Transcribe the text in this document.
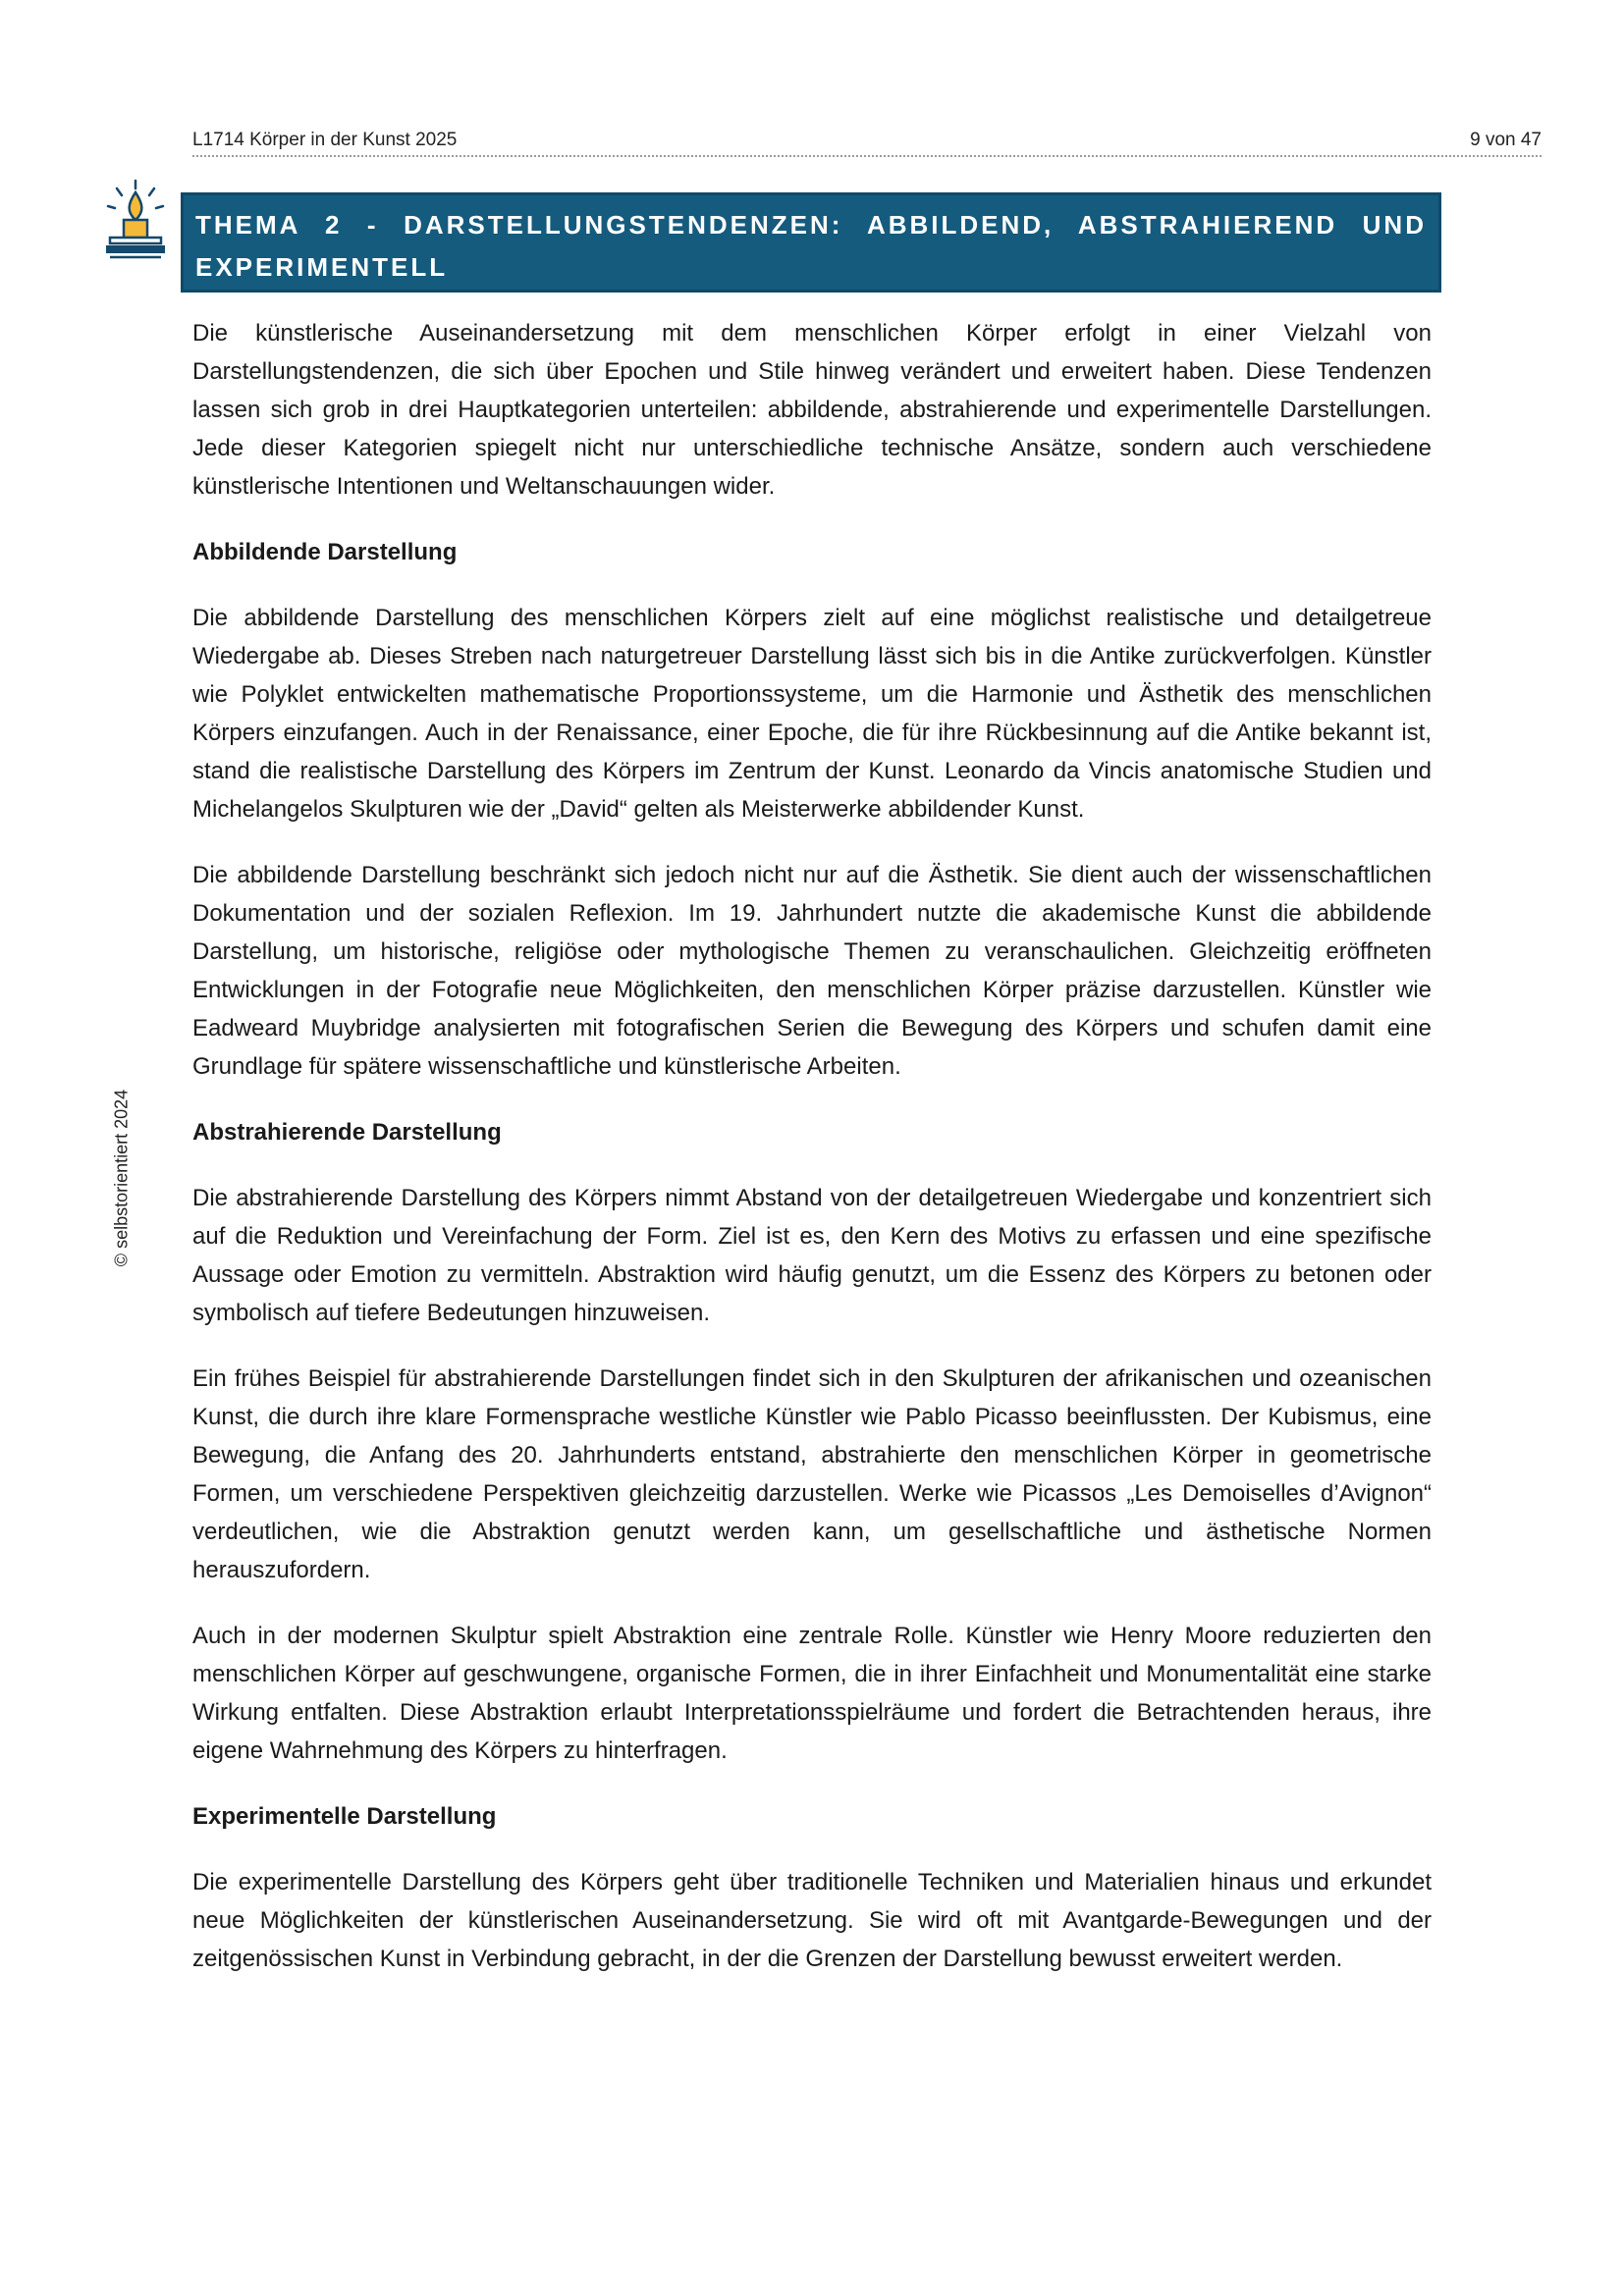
L1714 Körper in der Kunst 2025	9 von 47
THEMA 2 - DARSTELLUNGSTENDENZEN: ABBILDEND, ABSTRAHIEREND UND EXPERIMENTELL
© selbstorientiert 2024

Die künstlerische Auseinandersetzung mit dem menschlichen Körper erfolgt in einer Vielzahl von Darstellungstendenzen, die sich über Epochen und Stile hinweg verändert und erweitert haben. Diese Tendenzen lassen sich grob in drei Hauptkategorien unterteilen: abbildende, abstrahierende und experimentelle Darstellungen. Jede dieser Kategorien spiegelt nicht nur unterschiedliche technische Ansätze, sondern auch verschiedene künstlerische Intentionen und Weltanschauungen wider.

Abbildende Darstellung

Die abbildende Darstellung des menschlichen Körpers zielt auf eine möglichst realistische und detailgetreue Wiedergabe ab. Dieses Streben nach naturgetreuer Darstellung lässt sich bis in die Antike zurückverfolgen. Künstler wie Polyklet entwickelten mathematische Proportionssysteme, um die Harmonie und Ästhetik des menschlichen Körpers einzufangen. Auch in der Renaissance, einer Epoche, die für ihre Rückbesinnung auf die Antike bekannt ist, stand die realistische Darstellung des Körpers im Zentrum der Kunst. Leonardo da Vincis anatomische Studien und Michelangelos Skulpturen wie der „David“ gelten als Meisterwerke abbildender Kunst.

Die abbildende Darstellung beschränkt sich jedoch nicht nur auf die Ästhetik. Sie dient auch der wissenschaftlichen Dokumentation und der sozialen Reflexion. Im 19. Jahrhundert nutzte die akademische Kunst die abbildende Darstellung, um historische, religiöse oder mythologische Themen zu veranschaulichen. Gleichzeitig eröffneten Entwicklungen in der Fotografie neue Möglichkeiten, den menschlichen Körper präzise darzustellen. Künstler wie Eadweard Muybridge analysierten mit fotografischen Serien die Bewegung des Körpers und schufen damit eine Grundlage für spätere wissenschaftliche und künstlerische Arbeiten.

Abstrahierende Darstellung

Die abstrahierende Darstellung des Körpers nimmt Abstand von der detailgetreuen Wiedergabe und konzentriert sich auf die Reduktion und Vereinfachung der Form. Ziel ist es, den Kern des Motivs zu erfassen und eine spezifische Aussage oder Emotion zu vermitteln. Abstraktion wird häufig genutzt, um die Essenz des Körpers zu betonen oder symbolisch auf tiefere Bedeutungen hinzuweisen.

Ein frühes Beispiel für abstrahierende Darstellungen findet sich in den Skulpturen der afrikanischen und ozeanischen Kunst, die durch ihre klare Formensprache westliche Künstler wie Pablo Picasso beeinflussten. Der Kubismus, eine Bewegung, die Anfang des 20. Jahrhunderts entstand, abstrahierte den menschlichen Körper in geometrische Formen, um verschiedene Perspektiven gleichzeitig darzustellen. Werke wie Picassos „Les Demoiselles d’Avignon“ verdeutlichen, wie die Abstraktion genutzt werden kann, um gesellschaftliche und ästhetische Normen herauszufordern.

Auch in der modernen Skulptur spielt Abstraktion eine zentrale Rolle. Künstler wie Henry Moore reduzierten den menschlichen Körper auf geschwungene, organische Formen, die in ihrer Einfachheit und Monumentalität eine starke Wirkung entfalten. Diese Abstraktion erlaubt Interpretationsspielräume und fordert die Betrachtenden heraus, ihre eigene Wahrnehmung des Körpers zu hinterfragen.

Experimentelle Darstellung

Die experimentelle Darstellung des Körpers geht über traditionelle Techniken und Materialien hinaus und erkundet neue Möglichkeiten der künstlerischen Auseinandersetzung. Sie wird oft mit Avantgarde-Bewegungen und der zeitgenössischen Kunst in Verbindung gebracht, in der die Grenzen der Darstellung bewusst erweitert werden.
